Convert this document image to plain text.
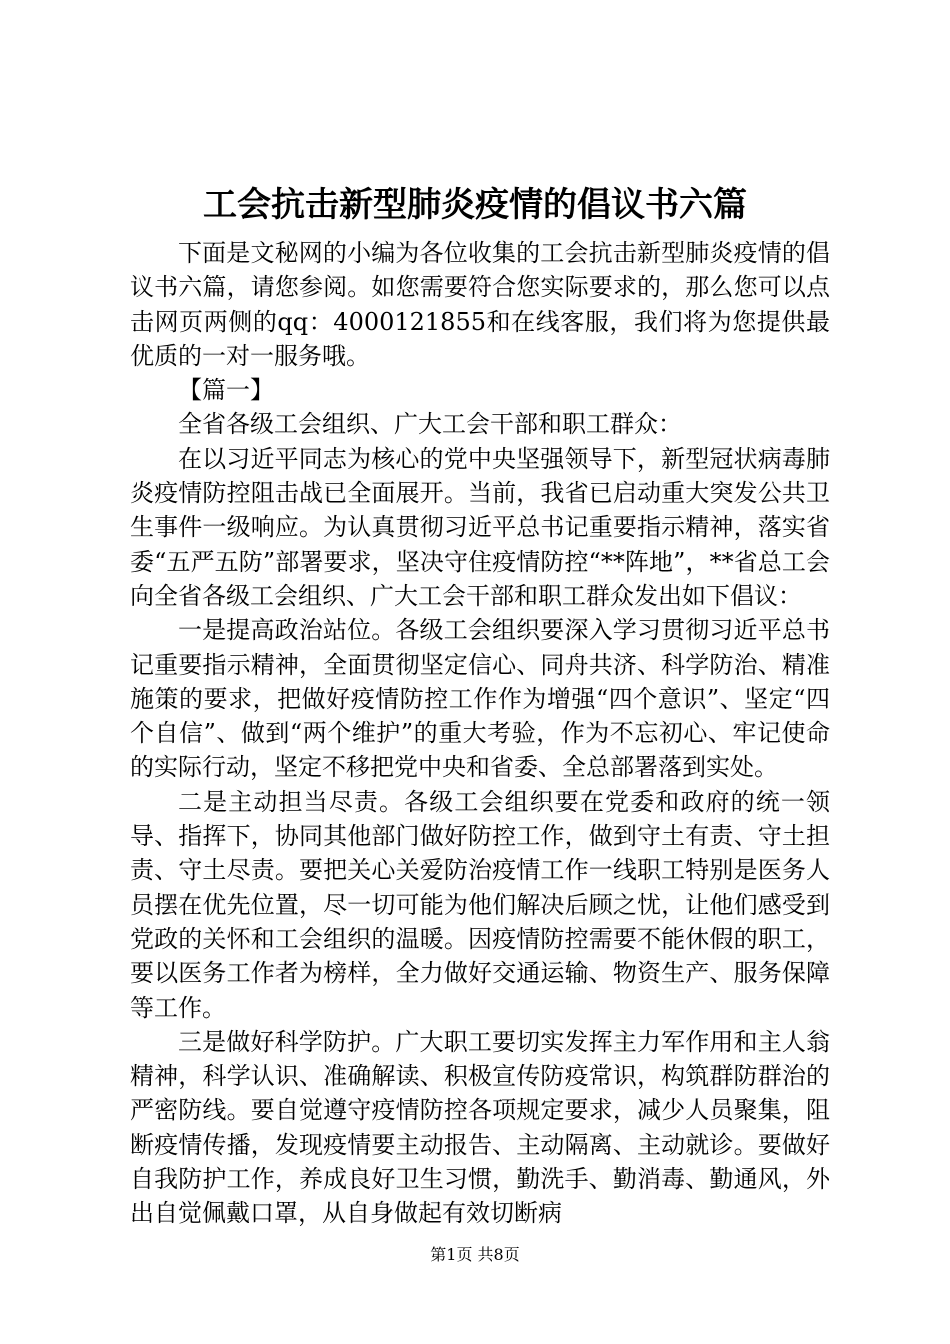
工会抗击新型肺炎疫情的倡议书六篇

下面是文秘网的小编为各位收集的工会抗击新型肺炎疫情的倡议书六篇，请您参阅。如您需要符合您实际要求的，那么您可以点击网页两侧的qq：4000121855和在线客服，我们将为您提供最优质的一对一服务哦。

【篇一】

全省各级工会组织、广大工会干部和职工群众：

在以习近平同志为核心的党中央坚强领导下，新型冠状病毒肺炎疫情防控阻击战已全面展开。当前，我省已启动重大突发公共卫生事件一级响应。为认真贯彻习近平总书记重要指示精神，落实省委“五严五防”部署要求，坚决守住疫情防控“**阵地”，**省总工会向全省各级工会组织、广大工会干部和职工群众发出如下倡议：

一是提高政治站位。各级工会组织要深入学习贯彻习近平总书记重要指示精神，全面贯彻坚定信心、同舟共济、科学防治、精准施策的要求，把做好疫情防控工作作为增强“四个意识”、坚定“四个自信”、做到“两个维护”的重大考验，作为不忘初心、牢记使命的实际行动，坚定不移把党中央和省委、全总部署落到实处。

二是主动担当尽责。各级工会组织要在党委和政府的统一领导、指挥下，协同其他部门做好防控工作，做到守土有责、守土担责、守土尽责。要把关心关爱防治疫情工作一线职工特别是医务人员摆在优先位置，尽一切可能为他们解决后顾之忧，让他们感受到党政的关怀和工会组织的温暖。因疫情防控需要不能休假的职工，要以医务工作者为榜样，全力做好交通运输、物资生产、服务保障等工作。

三是做好科学防护。广大职工要切实发挥主力军作用和主人翁精神，科学认识、准确解读、积极宣传防疫常识，构筑群防群治的严密防线。要自觉遵守疫情防控各项规定要求，减少人员聚集，阻断疫情传播，发现疫情要主动报告、主动隔离、主动就诊。要做好自我防护工作，养成良好卫生习惯，勤洗手、勤消毒、勤通风，外出自觉佩戴口罩，从自身做起有效切断病

第1页 共8页
